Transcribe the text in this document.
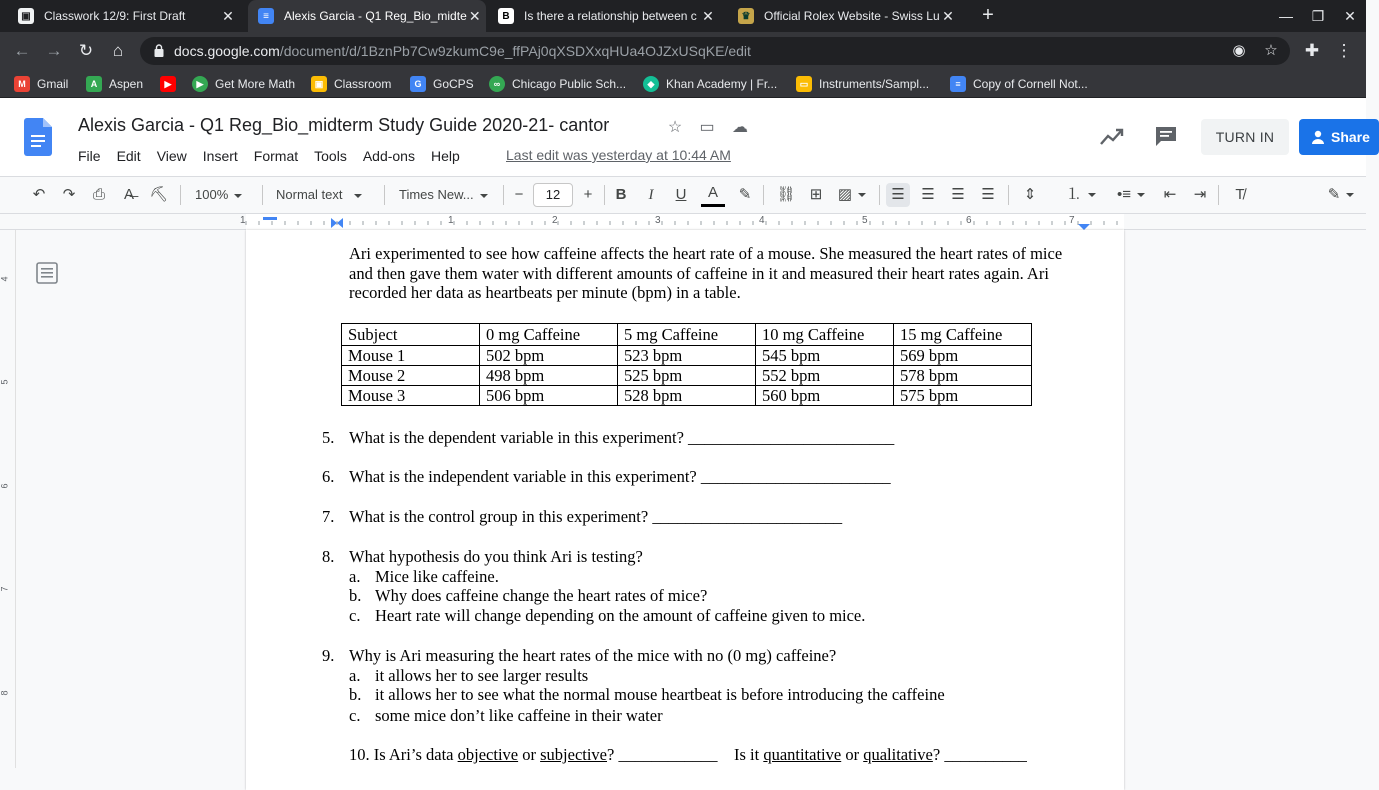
▣ Classwork 12/9: First Draft	✕	≡	Alexis Garcia - Q1 Reg_Bio_midte ✕	B	Is there a relationship between c ✕	♛ Official Rolex Website - Swiss Lu ✕	+	—	❐	✕
← → ↻	⌂	docs.google.com/document/d/1BznPb7Cw9zkumC9e_ffPAj0qXSDXxqHUa4OJZxUSqKE/edit	◉ ☆ ✚ ⋮
M Gmail	A Aspen	▶	▶ Get More Math	▣ Classroom	G GoCPS	∞ Chicago Public Sch...	◆ Khan Academy | Fr...	▭ Instruments/Sampl...	≡	Copy of Cornell Not...
Alexis Garcia - Q1 Reg_Bio_midterm Study Guide 2020-21- cantor	☆ ▭ ☁
File	Edit	View	Insert	Format	Tools	Add-ons	Help	Last edit was yesterday at 10:44 AM
TURN IN	Share
↶	↷	⎙	A̶	⛏ 100%	Normal text	Times New...	−	12	+	B	I	U	A	✎	⛓ ⊞	▨	☰	☰	☰	☰	⇕	⒈	•≡	⇤	⇥	T̸	✎
1	1	2	3	4	5	6	7
4
5
6
7
8

Ari experimented to see how caffeine affects the heart rate of a mouse. She measured the heart rates of mice and then gave them water with different amounts of caffeine in it and measured their heart rates again. Ari recorded her data as heartbeats per minute (bpm) in a table.

Subject	0 mg Caffeine	5 mg Caffeine	10 mg Caffeine	15 mg Caffeine
Mouse 1	502 bpm	523 bpm	545 bpm	569 bpm
Mouse 2	498 bpm	525 bpm	552 bpm	578 bpm
Mouse 3	506 bpm	528 bpm	560 bpm	575 bpm
5. What is the dependent variable in this experiment? _________________________
6. What is the independent variable in this experiment? _______________________
7. What is the control group in this experiment? _______________________
8. What hypothesis do you think Ari is testing?
a. Mice like caffeine.
b. Why does caffeine change the heart rates of mice?
c. Heart rate will change depending on the amount of caffeine given to mice.
9. Why is Ari measuring the heart rates of the mice with no (0 mg) caffeine?
a. it allows her to see larger results
b. it allows her to see what the normal mouse heartbeat is before introducing the caffeine
c. some mice don’t like caffeine in their water
10. Is Ari’s data objective or subjective? ____________ Is it quantitative or qualitative? __________
